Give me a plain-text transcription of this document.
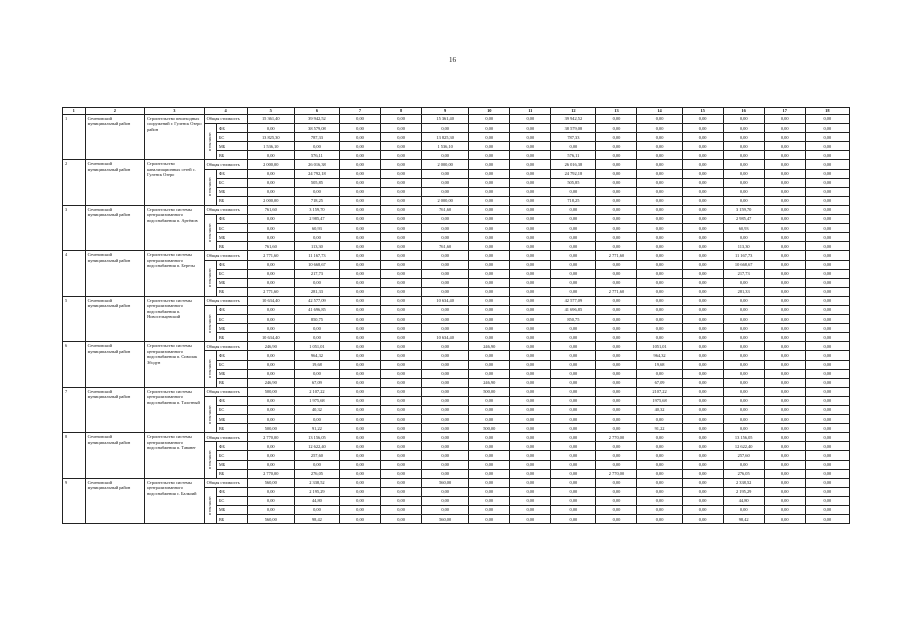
16
1	2	3	4		5	6	7	8	9	10	11	12	13	14	15	16	17	18
1	Сеченовский муниципальный район	Строительство пешеходных сооружений г. Гуленск Озеро район	Общая стоимость		15 361,40	39 942,52	0,00	0,00	15 361,40	0,00	0,00	39 942,52	0,00	0,00	0,00	0,00	0,00	0,00
			в том числе:	ФБ	0,00	38 579,08	0,00	0,00	0,00	0,00	0,00	38 579,08	0,00	0,00	0,00	0,00	0,00	0,00
				БС	13 825,30	787,33	0,00	0,00	13 825,30	0,00	0,00	787,33	0,00	0,00	0,00	0,00	0,00	0,00
				МБ	1 536,10	0,00	0,00	0,00	1 536,10	0,00	0,00	0,00	0,00	0,00	0,00	0,00	0,00	0,00
				ВБ	0,00	576,11	0,00	0,00	0,00	0,00	0,00	576,11	0,00	0,00	0,00	0,00	0,00	0,00
2	Сеченовский муниципальный район	Строительство канализационных сетей с. Гуленск Озеро	Общая стоимость		2 000,00	26 016,38	0,00	0,00	2 000,00	0,00	0,00	26 016,38	0,00	0,00	0,00	0,00	0,00	0,00
			в том числе:	ФБ	0,00	24 792,18	0,00	0,00	0,00	0,00	0,00	24 792,18	0,00	0,00	0,00	0,00	0,00	0,00
				БС	0,00	505,85	0,00	0,00	0,00	0,00	0,00	505,85	0,00	0,00	0,00	0,00	0,00	0,00
				МБ	0,00	0,00	0,00	0,00	0,00	0,00	0,00	0,00	0,00	0,00	0,00	0,00	0,00	0,00
				ВБ	2 000,00	718,25	0,00	0,00	2 000,00	0,00	0,00	718,25	0,00	0,00	0,00	0,00	0,00	0,00
3	Сеченовский муниципальный район	Строительство системы централизованного водоснабжения п. Артёмов	Общая стоимость		761,60	3 159,70	0,00	0,00	761,60	0,00	0,00	0,00	0,00	0,00	0,00	3 159,70	0,00	0,00
			в том числе:	ФБ	0,00	2 985,47	0,00	0,00	0,00	0,00	0,00	0,00	0,00	0,00	0,00	2 985,47	0,00	0,00
				БС	0,00	60,93	0,00	0,00	0,00	0,00	0,00	0,00	0,00	0,00	0,00	60,93	0,00	0,00
				МБ	0,00	0,00	0,00	0,00	0,00	0,00	0,00	0,00	0,00	0,00	0,00	0,00	0,00	0,00
				ВБ	761,60	113,30	0,00	0,00	761,60	0,00	0,00	0,00	0,00	0,00	0,00	113,30	0,00	0,00
4	Сеченовский муниципальный район	Строительство системы централизованного водоснабжения п. Березы	Общая стоимость		2 771,60	11 167,73	0,00	0,00	0,00	0,00	0,00	0,00	2 771,60	0,00	0,00	11 167,73	0,00	0,00
			в том числе:	ФБ	0,00	10 668,67	0,00	0,00	0,00	0,00	0,00	0,00	0,00	0,00	0,00	10 668,67	0,00	0,00
				БС	0,00	217,73	0,00	0,00	0,00	0,00	0,00	0,00	0,00	0,00	0,00	217,73	0,00	0,00
				МБ	0,00	0,00	0,00	0,00	0,00	0,00	0,00	0,00	0,00	0,00	0,00	0,00	0,00	0,00
				ВБ	2 771,60	281,33	0,00	0,00	0,00	0,00	0,00	0,00	2 771,60	0,00	0,00	281,33	0,00	0,00
5	Сеченовский муниципальный район	Строительство системы централизованного водоснабжения п. Новосельцевский	Общая стоимость		10 634,40	42 577,09	0,00	0,00	10 634,40	0,00	0,00	42 577,09	0,00	0,00	0,00	0,00	0,00	0,00
			в том числе:	ФБ	0,00	41 696,85	0,00	0,00	0,00	0,00	0,00	41 696,85	0,00	0,00	0,00	0,00	0,00	0,00
				БС	0,00	850,75	0,00	0,00	0,00	0,00	0,00	850,75	0,00	0,00	0,00	0,00	0,00	0,00
				МБ	0,00	0,00	0,00	0,00	0,00	0,00	0,00	0,00	0,00	0,00	0,00	0,00	0,00	0,00
				ВБ	10 634,40	0,00	0,00	0,00	10 634,40	0,00	0,00	0,00	0,00	0,00	0,00	0,00	0,00	0,00
6	Сеченовский муниципальный район	Строительство системы централизованного водоснабжения п. Сиволак Збодун	Общая стоимость		246,90	1 051,01	0,00	0,00	0,00	246,90	0,00	0,00	0,00	1051,01	0,00	0,00	0,00	0,00
			в том числе:	ФБ	0,00	964,32	0,00	0,00	0,00	0,00	0,00	0,00	0,00	964,32	0,00	0,00	0,00	0,00
				БС	0,00	19,68	0,00	0,00	0,00	0,00	0,00	0,00	0,00	19,68	0,00	0,00	0,00	0,00
				МБ	0,00	0,00	0,00	0,00	0,00	0,00	0,00	0,00	0,00	0,00	0,00	0,00	0,00	0,00
				ВБ	246,90	67,09	0,00	0,00	0,00	246,90	0,00	0,00	0,00	67,09	0,00	0,00	0,00	0,00
7	Сеченовский муниципальный район	Строительство системы централизованного водоснабжения п. Талотный	Общая стоимость		500,00	2 107,22	0,00	0,00	0,00	500,00	0,00	0,00	0,00	2107,22	0,00	0,00	0,00	0,00
			в том числе:	ФБ	0,00	1 975,68	0,00	0,00	0,00	0,00	0,00	0,00	0,00	1975,68	0,00	0,00	0,00	0,00
				БС	0,00	40,32	0,00	0,00	0,00	0,00	0,00	0,00	0,00	40,32	0,00	0,00	0,00	0,00
				МБ	0,00	0,00	0,00	0,00	0,00	0,00	0,00	0,00	0,00	0,00	0,00	0,00	0,00	0,00
				ВБ	500,00	91,22	0,00	0,00	0,00	500,00	0,00	0,00	0,00	91,22	0,00	0,00	0,00	0,00
8	Сеченовский муниципальный район	Строительство системы централизованного водоснабжения п. Таванег	Общая стоимость		2 770,00	13 156,05	0,00	0,00	0,00	0,00	0,00	0,00	2 770,00	0,00	0,00	13 156,05	0,00	0,00
			в том числе:	ФБ	0,00	12 622,40	0,00	0,00	0,00	0,00	0,00	0,00	0,00	0,00	0,00	12 622,40	0,00	0,00
				БС	0,00	257,60	0,00	0,00	0,00	0,00	0,00	0,00	0,00	0,00	0,00	257,60	0,00	0,00
				МБ	0,00	0,00	0,00	0,00	0,00	0,00	0,00	0,00	0,00	0,00	0,00	0,00	0,00	0,00
				ВБ	2 770,00	276,05	0,00	0,00	0,00	0,00	0,00	0,00	2 770,00	0,00	0,00	276,05	0,00	0,00
9	Сеченовский муниципальный район	Строительство системы централизованного водоснабжения с. Балкоий	Общая стоимость		560,00	2 338,52	0,00	0,00	560,00	0,00	0,00	0,00	0,00	0,00	0,00	2 338,52	0,00	0,00
			в том числе:	ФБ	0,00	2 195,29	0,00	0,00	0,00	0,00	0,00	0,00	0,00	0,00	0,00	2 195,29	0,00	0,00
				БС	0,00	44,80	0,00	0,00	0,00	0,00	0,00	0,00	0,00	0,00	0,00	44,80	0,00	0,00
				МБ	0,00	0,00	0,00	0,00	0,00	0,00	0,00	0,00	0,00	0,00	0,00	0,00	0,00	0,00
				ВБ	560,00	98,42	0,00	0,00	560,00	0,00	0,00	0,00	0,00	0,00	0,00	98,42	0,00	0,00
